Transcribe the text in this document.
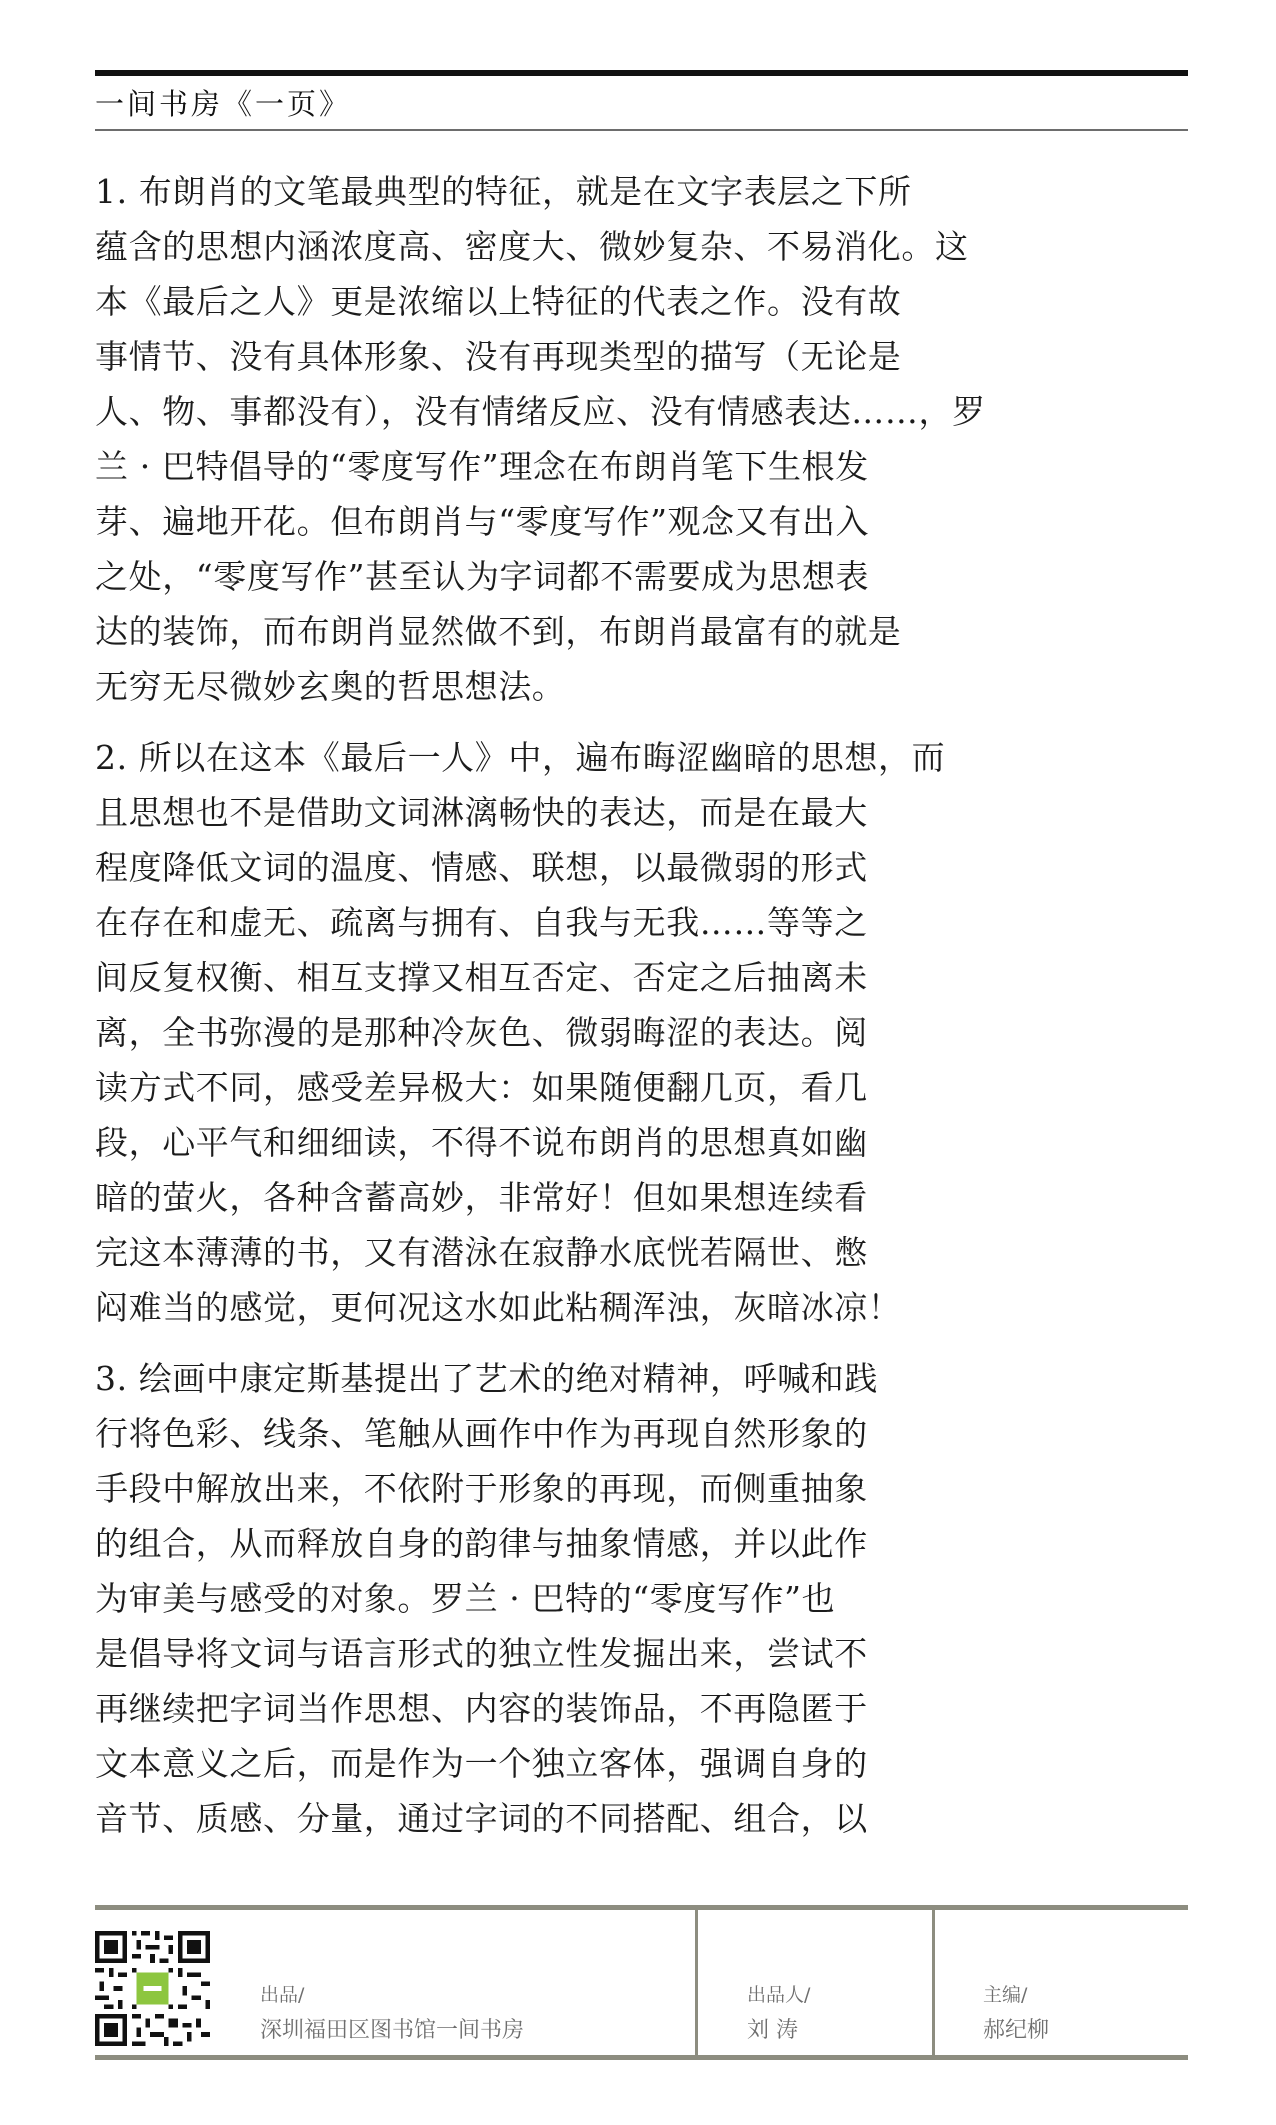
一间书房《一页》

1. 布朗肖的文笔最典型的特征，就是在文字表层之下所
蕴含的思想内涵浓度高、密度大、微妙复杂、不易消化。这
本《最后之人》更是浓缩以上特征的代表之作。没有故
事情节、没有具体形象、没有再现类型的描写（无论是
人、物、事都没有），没有情绪反应、没有情感表达……，罗
兰 · 巴特倡导的“零度写作”理念在布朗肖笔下生根发
芽、遍地开花。但布朗肖与“零度写作”观念又有出入
之处，“零度写作”甚至认为字词都不需要成为思想表
达的装饰，而布朗肖显然做不到，布朗肖最富有的就是
无穷无尽微妙玄奥的哲思想法。

2. 所以在这本《最后一人》中，遍布晦涩幽暗的思想，而
且思想也不是借助文词淋漓畅快的表达，而是在最大
程度降低文词的温度、情感、联想，以最微弱的形式
在存在和虚无、疏离与拥有、自我与无我……等等之
间反复权衡、相互支撑又相互否定、否定之后抽离未
离，全书弥漫的是那种冷灰色、微弱晦涩的表达。阅
读方式不同，感受差异极大：如果随便翻几页，看几
段，心平气和细细读，不得不说布朗肖的思想真如幽
暗的萤火，各种含蓄高妙，非常好！但如果想连续看
完这本薄薄的书，又有潜泳在寂静水底恍若隔世、憋
闷难当的感觉，更何况这水如此粘稠浑浊，灰暗冰凉！

3. 绘画中康定斯基提出了艺术的绝对精神，呼喊和践
行将色彩、线条、笔触从画作中作为再现自然形象的
手段中解放出来，不依附于形象的再现，而侧重抽象
的组合，从而释放自身的韵律与抽象情感，并以此作
为审美与感受的对象。罗兰 · 巴特的“零度写作”也
是倡导将文词与语言形式的独立性发掘出来，尝试不
再继续把字词当作思想、内容的装饰品，不再隐匿于
文本意义之后，而是作为一个独立客体，强调自身的
音节、质感、分量，通过字词的不同搭配、组合，以

出品/
深圳福田区图书馆一间书房
出品人/
刘 涛
主编/
郝纪柳
